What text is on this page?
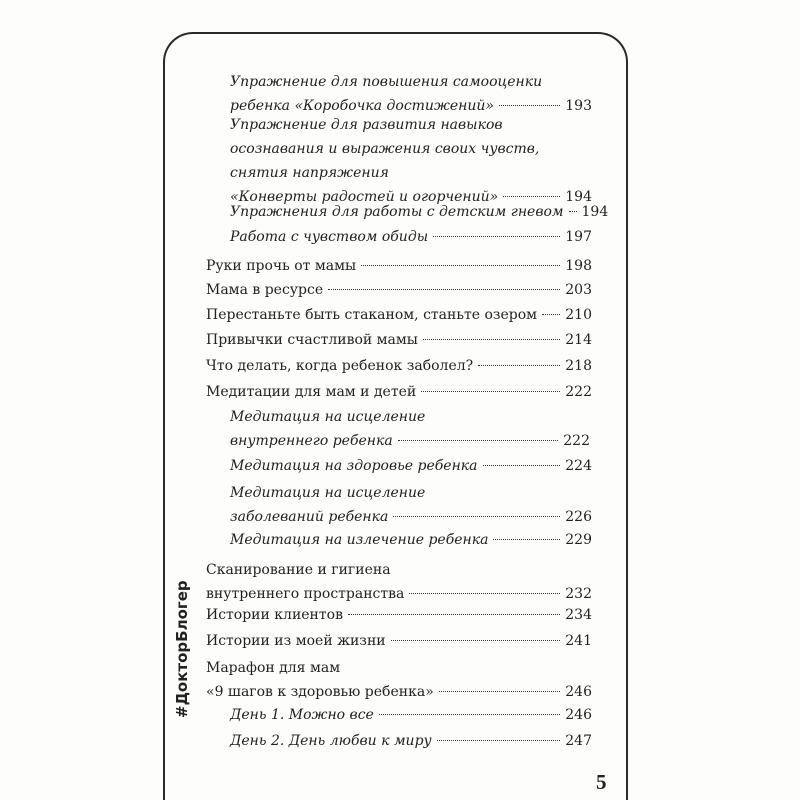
#ДокторБлогер
Упражнение для повышения самооценки
ребенка «Коробочка достижений»	193
Упражнение для развития навыков
осознавания и выражения своих чувств,
снятия напряжения
«Конверты радостей и огорчений»	194
Упражнения для работы с детским гневом 194
Работа с чувством обиды	197
Руки прочь от мамы	198
Мама в ресурсе	203
Перестаньте быть стаканом, станьте озером 210
Привычки счастливой мамы	214
Что делать, когда ребенок заболел?	218
Медитации для мам и детей	222
Медитация на исцеление
внутреннего ребенка	222
Медитация на здоровье ребенка	224
Медитация на исцеление
заболеваний ребенка	226
Медитация на излечение ребенка	229
Сканирование и гигиена
внутреннего пространства	232
Истории клиентов	234
Истории из моей жизни	241
Марафон для мам
«9 шагов к здоровью ребенка»	246
День 1. Можно все	246
День 2. День любви к миру	247
5
